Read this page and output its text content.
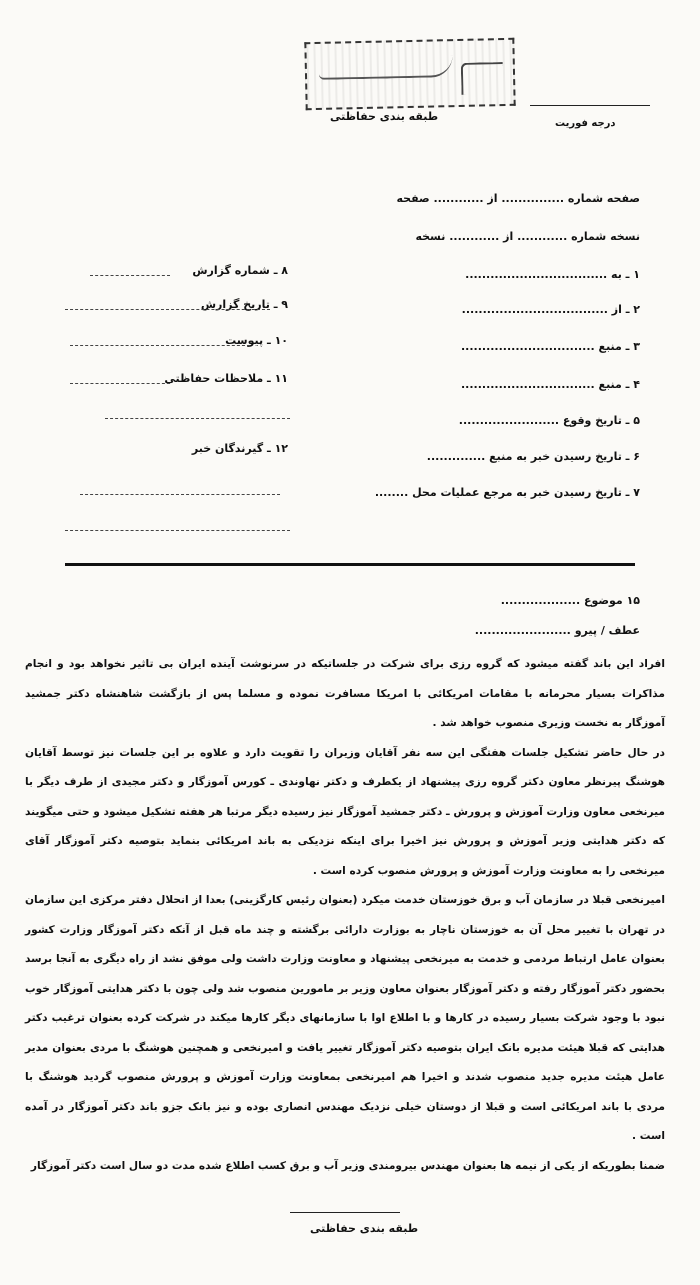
طبقه بندی حفاظتی
درجه فوریت
صفحه شماره ............... از ............ صفحه
نسخه شماره ............ از ............ نسخه
۱ ـ به ..................................
۲ ـ از ...................................
۳ ـ منبع ................................
۴ ـ منبع ................................
۵ ـ تاریخ وقوع ........................
۶ ـ تاریخ رسیدن خبر به منبع ..............
۷ ـ تاریخ رسیدن خبر به مرجع عملیات محل ........
۸ ـ شماره گزارش
۹ ـ تاریخ گزارش
۱۰ ـ پیوست
۱۱ ـ ملاحظات حفاظتی
۱۲ ـ گیرندگان خبر
۱۵ موضوع ...................
عطف / پیرو .......................

افراد این باند گفته میشود که گروه رزی برای شرکت در جلساتیکه در سرنوشت آینده ایران بی تاثیر نخواهد بود و انجام مذاکرات بسیار محرمانه با مقامات امریکائی با امریکا مسافرت نموده و مسلما پس از بازگشت شاهنشاه دکتر جمشید آموزگار به نخست وزیری منصوب خواهد شد .

در حال حاضر تشکیل جلسات هفتگی این سه نفر آقایان وزیران را تقویت دارد و علاوه بر این جلسات نیز توسط آقایان هوشنگ پیرنظر معاون دکتر گروه رزی پیشنهاد از یکطرف و دکتر نهاوندی ـ کورس آموزگار و دکتر مجیدی از طرف دیگر با میرنخعی معاون وزارت آموزش و پرورش ـ دکتر جمشید آموزگار نیز رسیده دیگر مرتبا هر هفته تشکیل میشود و حتی میگویند که دکتر هدایتی وزیر آموزش و پرورش نیز اخیرا برای اینکه نزدیکی به باند امریکائی بنماید بتوصیه دکتر آموزگار آقای میرنخعی را به معاونت وزارت آموزش و پرورش منصوب کرده است .

امیرنخعی قبلا در سازمان آب و برق خوزستان خدمت میکرد (بعنوان رئیس کارگزینی) بعدا از انحلال دفتر مرکزی این سازمان در تهران با تغییر محل آن به خوزستان ناچار به بوزارت دارائی برگشته و چند ماه قبل از آنکه دکتر آموزگار وزارت کشور بعنوان عامل ارتباط مردمی و خدمت به میرنخعی پیشنهاد و معاونت وزارت داشت ولی موفق نشد از راه دیگری به آنجا برسد بحضور دکتر آموزگار رفته و دکتر آموزگار بعنوان معاون وزیر بر مامورین منصوب شد ولی چون با دکتر هدایتی آموزگار خوب نبود با وجود شرکت بسیار رسیده در کارها و با اطلاع اوا با سازمانهای دیگر کارها میکند در شرکت کرده بعنوان ترغیب دکتر هدایتی که قبلا هیئت مدیره بانک ایران بتوصیه دکتر آموزگار تغییر یافت و امیرنخعی و همچنین هوشنگ با مردی بعنوان مدیر عامل هیئت مدیره جدید منصوب شدند و اخیرا هم امیرنخعی بمعاونت وزارت آموزش و پرورش منصوب گردید هوشنگ با مردی با باند امریکائی است و قبلا از دوستان خیلی نزدیک مهندس انصاری بوده و نیز بانک جزو باند دکتر آموزگار در آمده است .

ضمنا بطوریکه از یکی از نیمه ها بعنوان مهندس بیرومندی وزیر آب و برق کسب اطلاع شده مدت دو سال است دکتر آموزگار

طبقه بندی حفاظتی
